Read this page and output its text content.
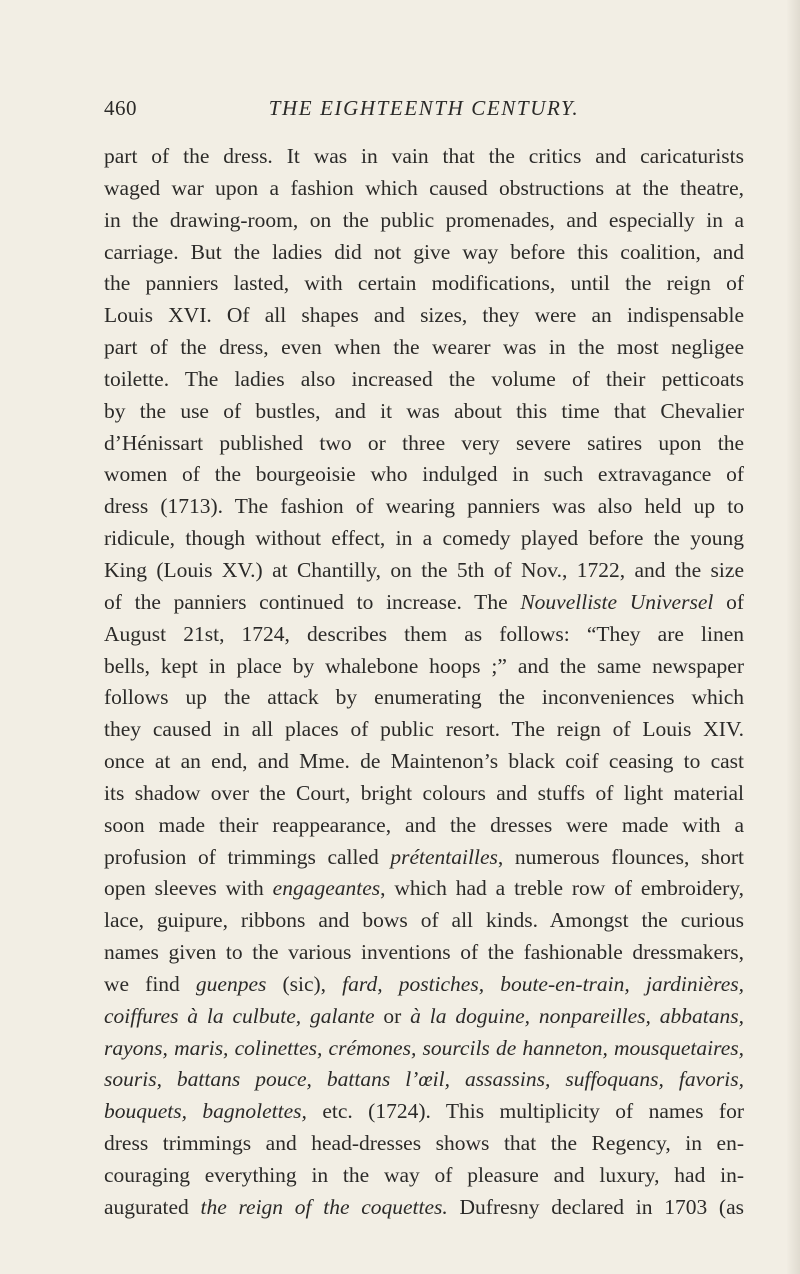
460	THE EIGHTEENTH CENTURY.
part of the dress. It was in vain that the critics and caricaturists
waged war upon a fashion which caused obstructions at the theatre,
in the drawing-room, on the public promenades, and especially in a
carriage. But the ladies did not give way before this coalition, and
the panniers lasted, with certain modifications, until the reign of
Louis XVI. Of all shapes and sizes, they were an indispensable
part of the dress, even when the wearer was in the most negligee
toilette. The ladies also increased the volume of their petticoats
by the use of bustles, and it was about this time that Chevalier
d’Hénissart published two or three very severe satires upon the
women of the bourgeoisie who indulged in such extravagance of
dress (1713). The fashion of wearing panniers was also held up to
ridicule, though without effect, in a comedy played before the young
King (Louis XV.) at Chantilly, on the 5th of Nov., 1722, and the size
of the panniers continued to increase. The Nouvelliste Universel of
August 21st, 1724, describes them as follows: “They are linen
bells, kept in place by whalebone hoops ;” and the same newspaper
follows up the attack by enumerating the inconveniences which
they caused in all places of public resort. The reign of Louis XIV.
once at an end, and Mme. de Maintenon’s black coif ceasing to cast
its shadow over the Court, bright colours and stuffs of light material
soon made their reappearance, and the dresses were made with a
profusion of trimmings called prétentailles, numerous flounces, short
open sleeves with engageantes, which had a treble row of embroidery,
lace, guipure, ribbons and bows of all kinds. Amongst the curious
names given to the various inventions of the fashionable dressmakers,
we find guenpes (sic), fard, postiches, boute-en-train, jardinières,
coiffures à la culbute, galante or à la doguine, nonpareilles, abbatans,
rayons, maris, colinettes, crémones, sourcils de hanneton, mousquetaires,
souris, battans pouce, battans l’œil, assassins, suffoquans, favoris,
bouquets, bagnolettes, etc. (1724). This multiplicity of names for
dress trimmings and head-dresses shows that the Regency, in en-
couraging everything in the way of pleasure and luxury, had in-
augurated the reign of the coquettes. Dufresny declared in 1703 (as
